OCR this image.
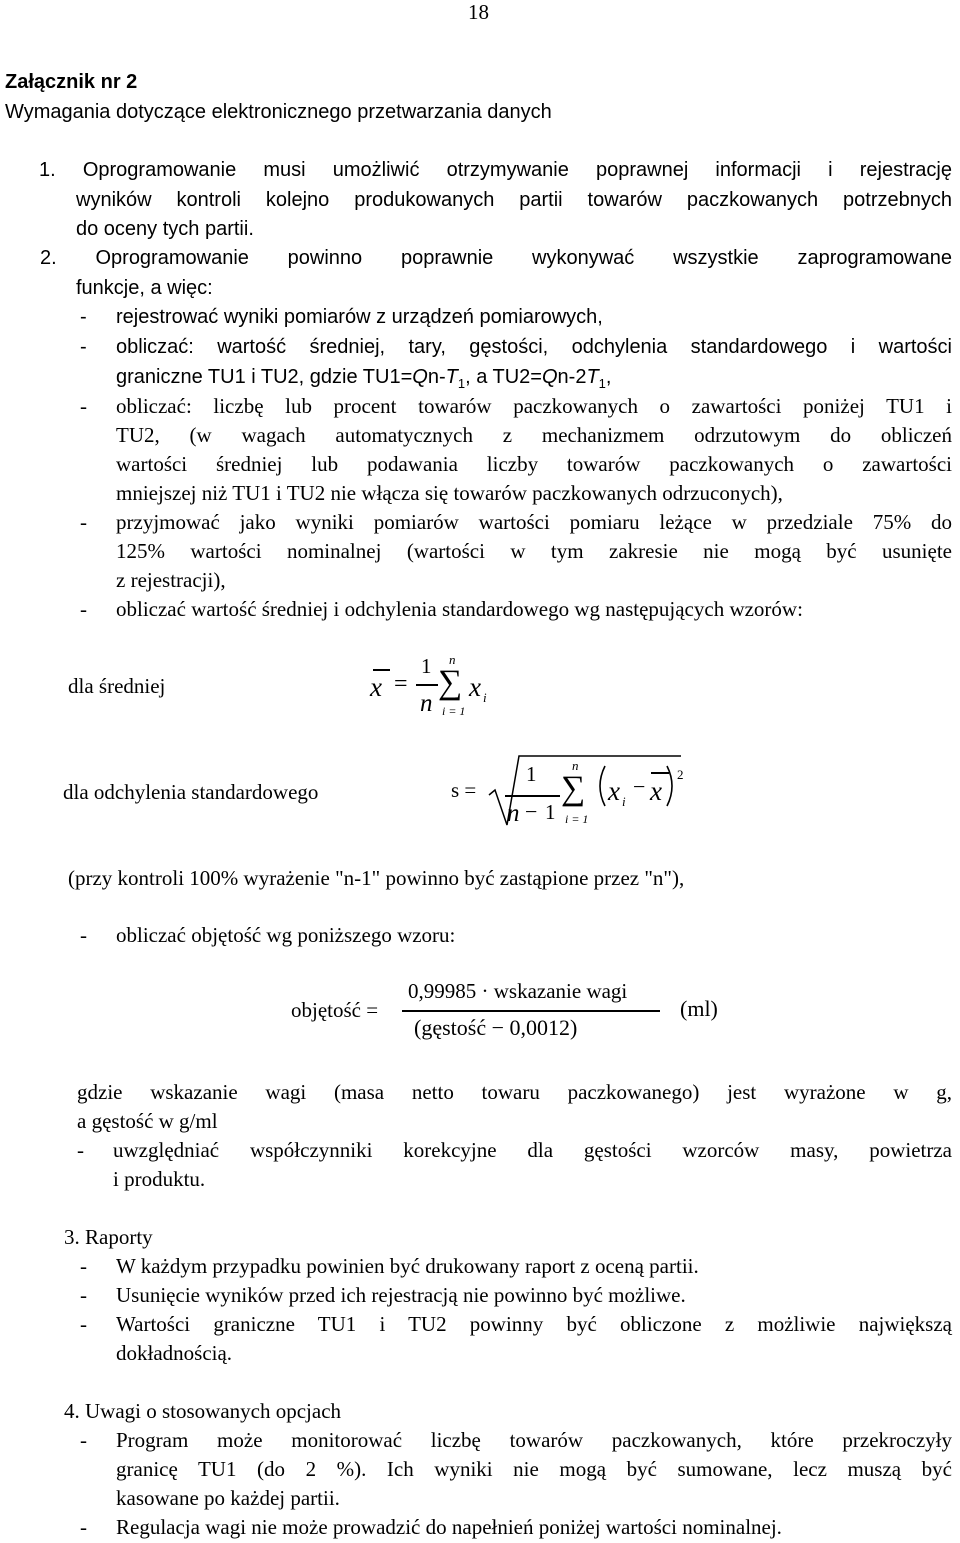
18
Załącznik nr 2
Wymagania dotyczące elektronicznego przetwarzania danych
1. Oprogramowanie musi umożliwić otrzymywanie poprawnej informacji i rejestrację
wyników kontroli kolejno produkowanych partii towarów paczkowanych potrzebnych
do oceny tych partii.
2. Oprogramowanie powinno poprawnie wykonywać wszystkie zaprogramowane
funkcje, a więc:
- rejestrować wyniki pomiarów z urządzeń pomiarowych,
- obliczać: wartość średniej, tary, gęstości, odchylenia standardowego i wartości
graniczne TU1 i TU2, gdzie $TU1=Qn-T_1$, a $TU2=Qn-2T_1$,
- obliczać: liczbę lub procent towarów paczkowanych o zawartości poniżej TU1 i
TU2, (w wagach automatycznych z mechanizmem odrzutowym do obliczeń
wartości średniej lub podawania liczby towarów paczkowanych o zawartości
mniejszej niż TU1 i TU2 nie włącza się towarów paczkowanych odrzuconych),
- przyjmować jako wyniki pomiarów wartości pomiaru leżące w przedziale 75% do
125% wartości nominalnej (wartości w tym zakresie nie mogą być usunięte
z rejestracji),
- obliczać wartość średniej i odchylenia standardowego wg następujących wzorów:
dla średniej	x =
1
n
n
∑
i = 1
x i
dla odchylenia standardowego	s =
1
n − 1
n
∑
i = 1
x i
− x
2
(przy kontroli 100% wyrażenie "n-1" powinno być zastąpione przez "n"),
- obliczać objętość wg poniższego wzoru:
objętość =
0,99985 · wskazanie wagi
(gęstość − 0,0012)
(ml)
gdzie wskazanie wagi (masa netto towaru paczkowanego) jest wyrażone w g,
a gęstość w g/ml
- uwzględniać współczynniki korekcyjne dla gęstości wzorców masy, powietrza
i produktu.
3. Raporty
- W każdym przypadku powinien być drukowany raport z oceną partii.
- Usunięcie wyników przed ich rejestracją nie powinno być możliwe.
- Wartości graniczne TU1 i TU2 powinny być obliczone z możliwie największą
dokładnością.
4. Uwagi o stosowanych opcjach
- Program może monitorować liczbę towarów paczkowanych, które przekroczyły
granicę TU1 (do 2 %). Ich wyniki nie mogą być sumowane, lecz muszą być
kasowane po każdej partii.
- Regulacja wagi nie może prowadzić do napełnień poniżej wartości nominalnej.
